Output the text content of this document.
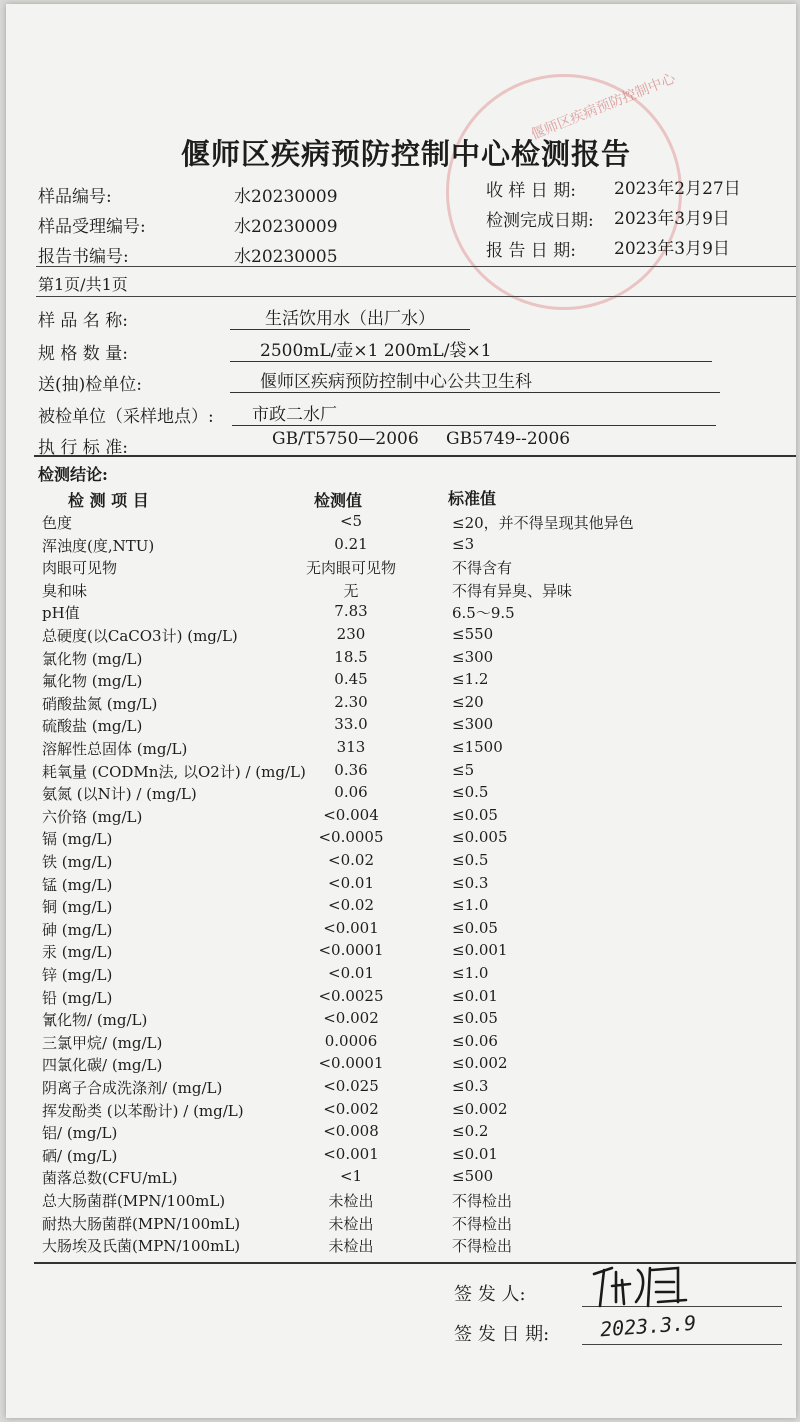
偃师区疾病预防控制中心
偃师区疾病预防控制中心检测报告
样品编号:	水20230009
样品受理编号:	水20230009
报告书编号:	水20230005
收 样 日 期: 2023年2月27日
检测完成日期: 2023年3月9日
报 告 日 期: 2023年3月9日
第1页/共1页
样 品 名 称:	生活饮用水（出厂水）
规 格 数 量:	2500mL/壶×1 200mL/袋×1
送(抽)检单位:	偃师区疾病预防控制中心公共卫生科
被检单位（采样地点）:	市政二水厂
执 行 标 准:	GB/T5750—2006 GB5749--2006
检测结论:
检 测 项 目	检测值	标准值
色度	<5	≤20，并不得呈现其他异色
浑浊度(度,NTU)	0.21	≤3
肉眼可见物	无肉眼可见物	不得含有
臭和味	无	不得有异臭、异味
pH值	7.83	6.5～9.5
总硬度(以CaCO3计) (mg/L)	230	≤550
氯化物 (mg/L)	18.5	≤300
氟化物 (mg/L)	0.45	≤1.2
硝酸盐氮 (mg/L)	2.30	≤20
硫酸盐 (mg/L)	33.0	≤300
溶解性总固体 (mg/L)	313	≤1500
耗氧量 (CODMn法, 以O2计) / (mg/L)	0.36	≤5
氨氮 (以N计) / (mg/L)	0.06	≤0.5
六价铬 (mg/L)	<0.004	≤0.05
镉 (mg/L)	<0.0005	≤0.005
铁 (mg/L)	<0.02	≤0.5
锰 (mg/L)	<0.01	≤0.3
铜 (mg/L)	<0.02	≤1.0
砷 (mg/L)	<0.001	≤0.05
汞 (mg/L)	<0.0001	≤0.001
锌 (mg/L)	<0.01	≤1.0
铅 (mg/L)	<0.0025	≤0.01
氰化物/ (mg/L)	<0.002	≤0.05
三氯甲烷/ (mg/L)	0.0006	≤0.06
四氯化碳/ (mg/L)	<0.0001	≤0.002
阴离子合成洗涤剂/ (mg/L)	<0.025	≤0.3
挥发酚类 (以苯酚计) / (mg/L)	<0.002	≤0.002
铝/ (mg/L)	<0.008	≤0.2
硒/ (mg/L)	<0.001	≤0.01
菌落总数(CFU/mL)	<1	≤500
总大肠菌群(MPN/100mL)	未检出	不得检出
耐热大肠菌群(MPN/100mL)	未检出	不得检出
大肠埃及氏菌(MPN/100mL)	未检出	不得检出
签 发 人:
签 发 日 期:	2023.3.9
